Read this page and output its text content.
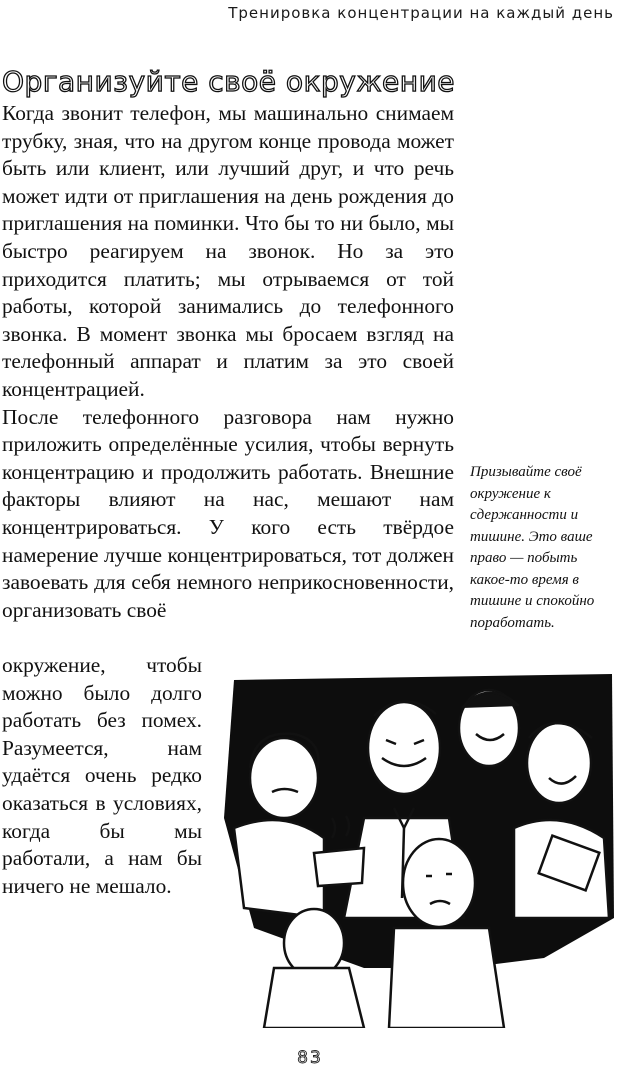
Тренировка концентрации на каждый день
Организуйте своё окружение

Когда звонит телефон, мы машинально снимаем трубку, зная, что на другом конце провода может быть или клиент, или лучший друг, и что речь может идти от приглашения на день рождения до приглашения на поминки. Что бы то ни было, мы быстро реагируем на звонок. Но за это приходится платить; мы отрываемся от той работы, которой занимались до телефонного звонка. В момент звонка мы бросаем взгляд на телефонный аппарат и платим за это своей концентрацией.

После телефонного разговора нам нужно приложить определённые усилия, чтобы вернуть концентрацию и продолжить работать. Внешние факторы влияют на нас, мешают нам концентрироваться. У кого есть твёрдое намерение лучше концентрироваться, тот должен завоевать для себя немного неприкосновенности, организовать своё

окружение, чтобы можно было долго работать без помех. Разумеется, нам удаётся очень редко оказаться в условиях, когда бы мы работали, а нам бы ничего не мешало.
Призывайте своё окружение к сдержанности и тишине. Это ваше право — побыть какое-то время в тишине и спокойно поработать.
83
